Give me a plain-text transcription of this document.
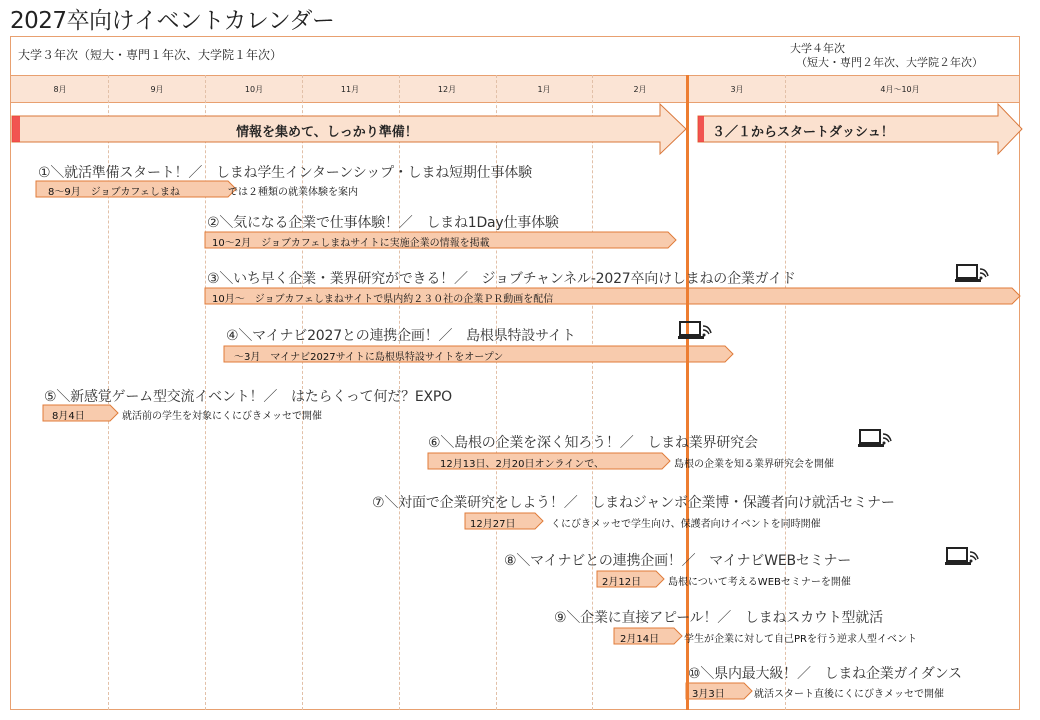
2027卒向けイベントカレンダー
大学３年次（短大・専門１年次、大学院１年次）	大学４年次
（短大・専門２年次、大学院２年次）
8月	9月	10月	11月	12月	1月	2月	3月	4月～10月
情報を集めて、しっかり準備！	３／１からスタートダッシュ！
①＼就活準備スタート！／　しまね学生インターンシップ・しまね短期仕事体験
8～9月　ジョブカフェしまね	では２種類の就業体験を案内
②＼気になる企業で仕事体験！／　しまね1Day仕事体験
10～2月　ジョブカフェしまねサイトに実施企業の情報を掲載
③＼いち早く企業・業界研究ができる！／　ジョブチャンネル-2027卒向けしまねの企業ガイド
10月～　ジョブカフェしまねサイトで県内約２３０社の企業ＰＲ動画を配信
④＼マイナビ2027との連携企画！／　島根県特設サイト
～3月　マイナビ2027サイトに島根県特設サイトをオープン
⑤＼新感覚ゲーム型交流イベント！／　はたらくって何だ？EXPO
8月4日	就活前の学生を対象にくにびきメッセで開催
⑥＼島根の企業を深く知ろう！／　しまね業界研究会
12月13日、2月20日オンラインで、	島根の企業を知る業界研究会を開催
⑦＼対面で企業研究をしよう！／　しまねジャンボ企業博・保護者向け就活セミナー
12月27日	くにびきメッセで学生向け、保護者向けイベントを同時開催
⑧＼マイナビとの連携企画！／　マイナビWEBセミナー
2月12日	島根について考えるWEBセミナーを開催
⑨＼企業に直接アピール！／　しまねスカウト型就活
2月14日 学生が企業に対して自己PRを行う逆求人型イベント
⑩＼県内最大級！／　しまね企業ガイダンス
3月3日	就活スタート直後にくにびきメッセで開催
